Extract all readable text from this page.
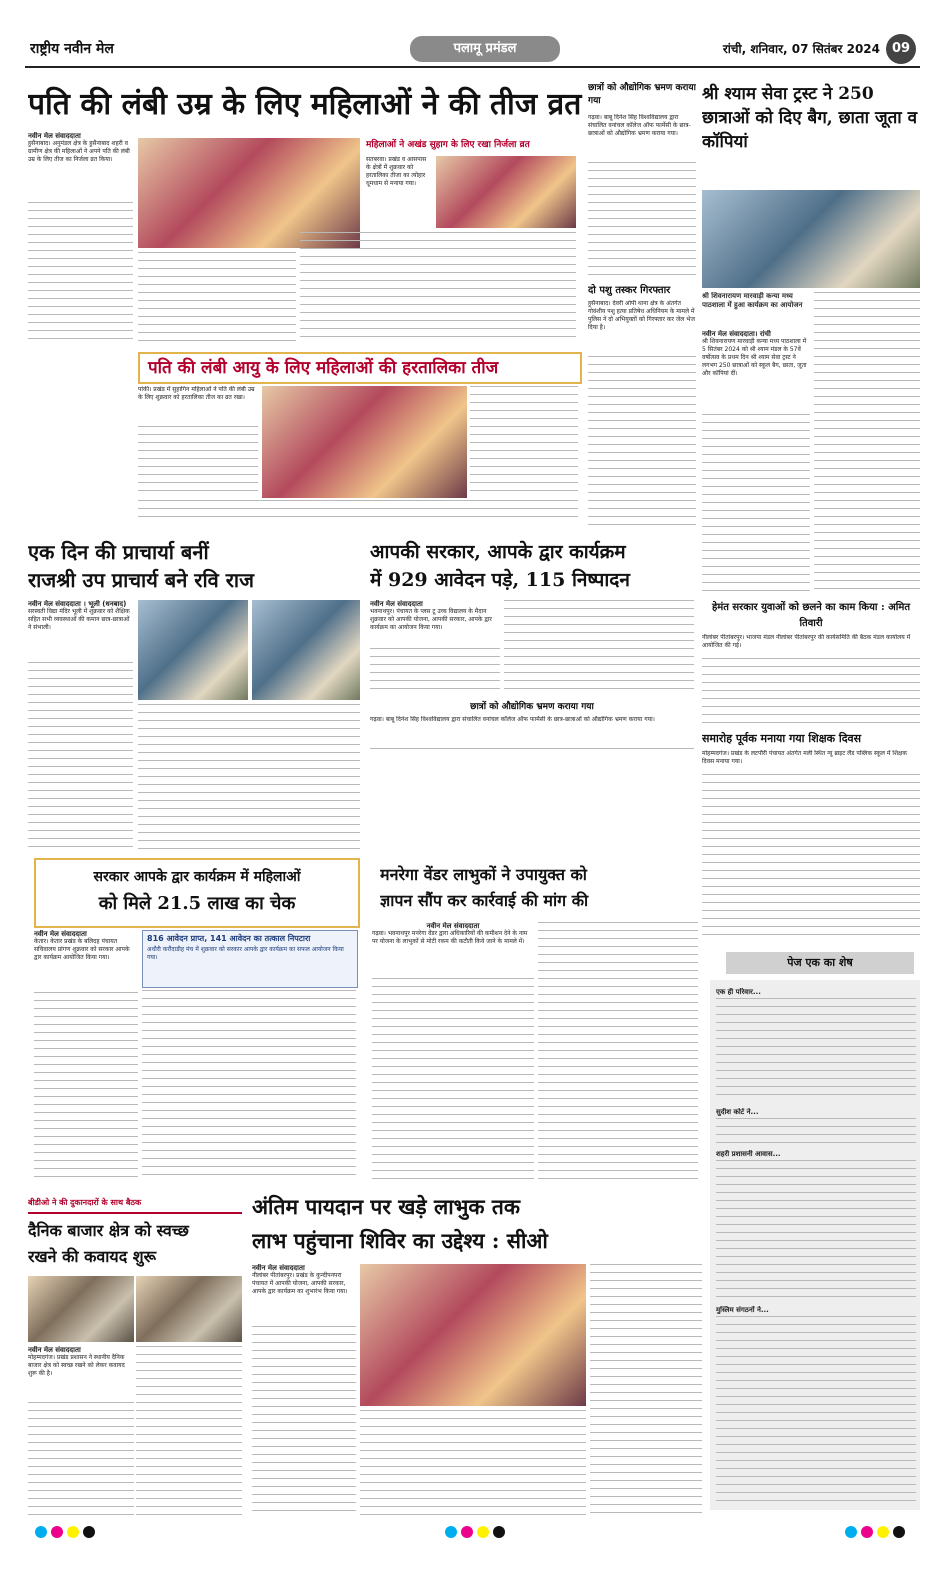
राष्ट्रीय नवीन मेल	पलामू प्रमंडल	रांची, शनिवार, 07 सितंबर 2024 09
पति की लंबी उम्र के लिए महिलाओं ने की तीज व्रत
नवीन मेल संवाददाता
हुसैनाबाद। अनुमंडल क्षेत्र के हुसैनाबाद शहरी व ग्रामीण क्षेत्र की महिलाओं ने अपने पति की लंबी उम्र के लिए तीज का निर्जला व्रत किया।
महिलाओं ने अखंड सुहाग के लिए रखा निर्जला व्रत
सतबरवा। प्रखंड व आसपास के क्षेत्रों में शुक्रवार को हरतालिका तीजा का त्योहार धूमधाम से मनाया गया।
पति की लंबी आयु के लिए महिलाओं की हरतालिका तीज
पांकी। प्रखंड में सुहागिन महिलाओं ने पति की लंबी उम्र के लिए शुक्रवार को हरतालिका तीज का व्रत रखा।
छात्रों को औद्योगिक भ्रमण कराया गया
गढ़वा। बाबू दिनेश सिंह विश्वविद्यालय द्वारा संचालित वनांचल कॉलेज ऑफ फार्मेसी के छात्र-छात्राओं को औद्योगिक भ्रमण कराया गया।
दो पशु तस्कर गिरफ्तार
हुसैनाबाद। देवरी ओपी थाना क्षेत्र के अंतर्गत गोवंशीय पशु हत्या प्रतिषेध अधिनियम के मामले में पुलिस ने दो अभियुक्तों को गिरफ्तार कर जेल भेज दिया है।
श्री श्याम सेवा ट्रस्ट ने 250 छात्राओं को दिए बैग, छाता जूता व कॉपियां
श्री शिवनारायण मारवाड़ी कन्या मध्य पाठशाला में हुआ कार्यक्रम का आयोजन
नवीन मेल संवाददाता। रांची
श्री शिवनारायण मारवाड़ी कन्या मध्य पाठशाला में 5 सितंबर 2024 को श्री श्याम मंडल के 57वें वर्षोत्सव के प्रथम दिन श्री श्याम सेवा ट्रस्ट ने लगभग 250 छात्राओं को स्कूल बैग, छाता, जूता और कॉपियां दीं।
एक दिन की प्राचार्या बनीं
राजश्री उप प्राचार्य बने रवि राज
नवीन मेल संवाददाता । भूली (धनबाद)
सरस्वती विद्या मंदिर भूली में शुक्रवार को शैक्षिक सहित सभी व्यवस्थाओं की कमान छात्र-छात्राओं ने संभाली।
आपकी सरकार, आपके द्वार कार्यक्रम
में 929 आवेदन पड़े, 115 निष्पादन
नवीन मेल संवाददाता
भवनाथपुर। पंचायत के प्लस टू उच्च विद्यालय के मैदान शुक्रवार को आपकी योजना, आपकी सरकार, आपके द्वार कार्यक्रम का आयोजन किया गया।
छात्रों को औद्योगिक भ्रमण कराया गया
गढ़वा। बाबू दिनेश सिंह विश्वविद्यालय द्वारा संचालित वनांचल कॉलेज ऑफ फार्मेसी के छात्र-छात्राओं को औद्योगिक भ्रमण कराया गया।
हेमंत सरकार युवाओं को छलने का काम किया : अमित तिवारी
नीलांबर पीतांबरपुर। भाजपा मंडल नीलांबर पीतांबरपुर की कार्यसमिति की बैठक मंडल कार्यालय में आयोजित की गई।
समारोह पूर्वक मनाया गया शिक्षक दिवस
मोहम्मदगंज। प्रखंड के लटपौरी पंचायत अंतर्गत मली स्थित न्यू ब्राइट लैंड पब्लिक स्कूल में शिक्षक दिवस मनाया गया।
सरकार आपके द्वार कार्यक्रम में महिलाओं
को मिले 21.5 लाख का चेक
नवीन मेल संवाददाता
केतार। केतार प्रखंड के बलिदह पंचायत सचिवालय प्रांगण शुक्रवार को सरकार आपके द्वार कार्यक्रम आयोजित किया गया।
816 आवेदन प्राप्त, 141 आवेदन का तत्काल निपटारा
अधौरी करौंदाडीह मंच में शुक्रवार को सरकार आपके द्वार कार्यक्रम का सफल आयोजन किया गया।
मनरेगा वेंडर लाभुकों ने उपायुक्त को
ज्ञापन सौंप कर कार्रवाई की मांग की
नवीन मेल संवाददाता
गढ़वा। भवनाथपुर मनरेगा वेंडर द्वारा अधिकारियों की कमीशन देने के नाम पर योजना के लाभुकों से मोटी रकम की कटौती किये जाने के मामले में।
पेज एक का शेष
एक ही परिवार...
सुदीश कोर्ट ने...
शहरी प्रशासनी आवास...
मुस्लिम संगठनों ने...
बीडीओ ने की दुकानदारों के साथ बैठक
दैनिक बाजार क्षेत्र को स्वच्छ
रखने की कवायद शुरू
नवीन मेल संवाददाता
मोहम्मदगंज। प्रखंड प्रशासन ने स्थानीय दैनिक बाजार क्षेत्र को स्वच्छ रखने को लेकर कवायद शुरू की है।
अंतिम पायदान पर खड़े लाभुक तक
लाभ पहुंचाना शिविर का उद्देश्य : सीओ
नवीन मेल संवाददाता
नीलांबर पीतांबरपुर। प्रखंड के कुन्दीपनपरा पंचायत में आपकी योजना, आपकी सरकार, आपके द्वार कार्यक्रम का शुभारंभ किया गया।
